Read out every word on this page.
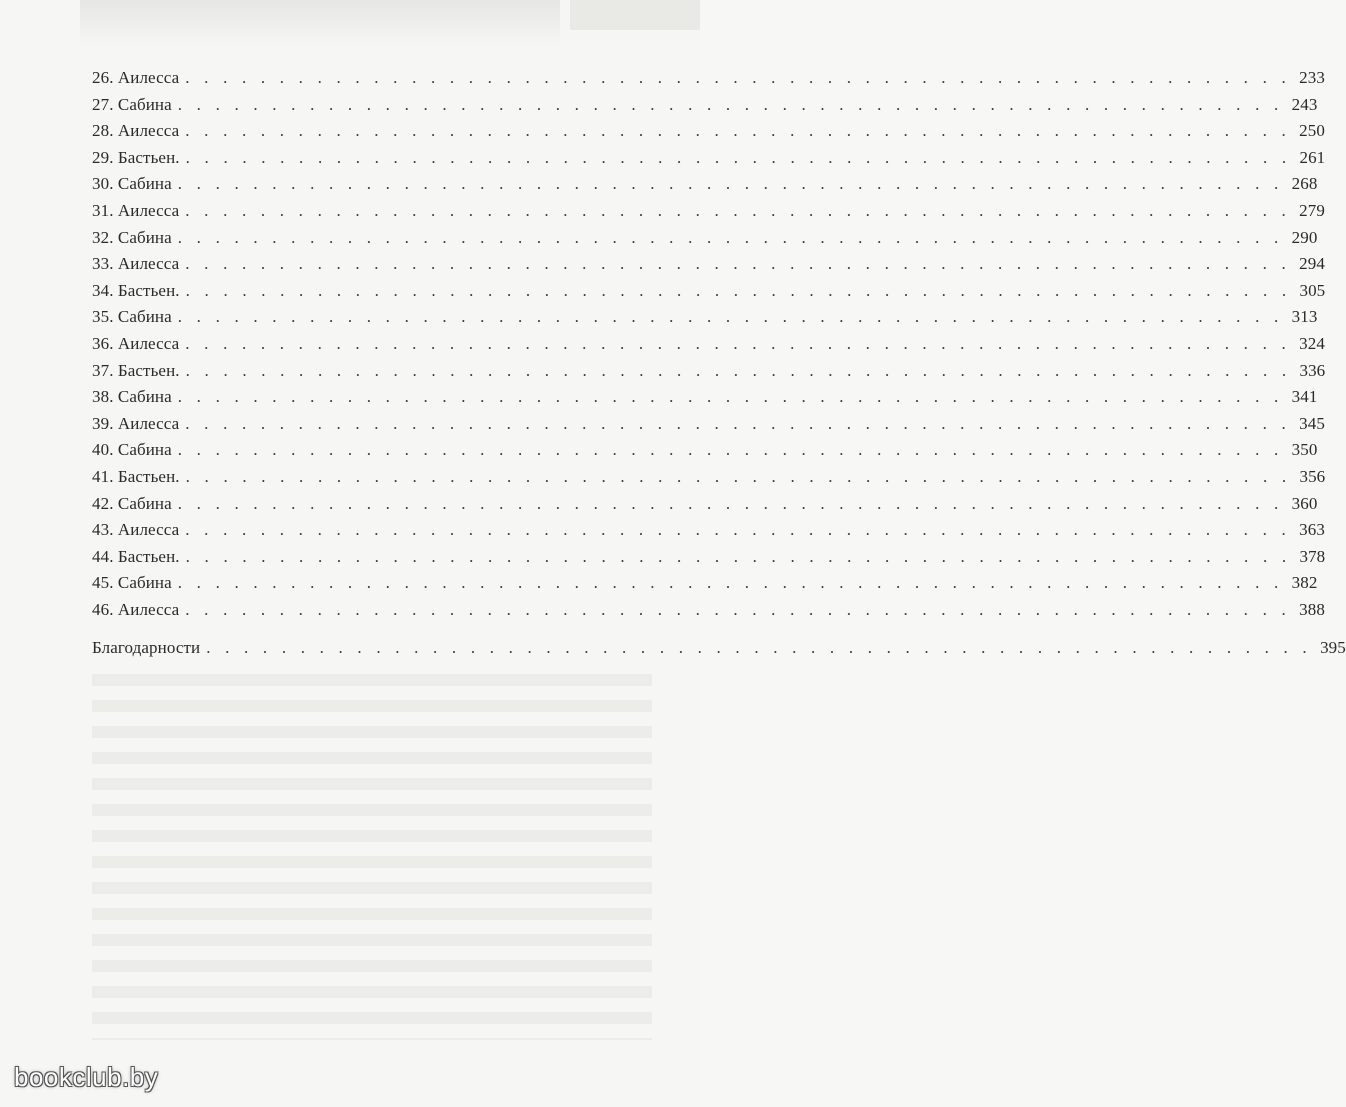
26. Аилесса . . . . . . . . . . . . . . . . . . . . . . . . . . . . . . . . . . . . . . . . . . . . . . . . . . . . . . . . . . . 233
27. Сабина . . . . . . . . . . . . . . . . . . . . . . . . . . . . . . . . . . . . . . . . . . . . . . . . . . . . . . . . . . . 243
28. Аилесса . . . . . . . . . . . . . . . . . . . . . . . . . . . . . . . . . . . . . . . . . . . . . . . . . . . . . . . . . . . 250
29. Бастьен. . . . . . . . . . . . . . . . . . . . . . . . . . . . . . . . . . . . . . . . . . . . . . . . . . . . . . . . . . . . 261
30. Сабина . . . . . . . . . . . . . . . . . . . . . . . . . . . . . . . . . . . . . . . . . . . . . . . . . . . . . . . . . . . 268
31. Аилесса . . . . . . . . . . . . . . . . . . . . . . . . . . . . . . . . . . . . . . . . . . . . . . . . . . . . . . . . . . . 279
32. Сабина . . . . . . . . . . . . . . . . . . . . . . . . . . . . . . . . . . . . . . . . . . . . . . . . . . . . . . . . . . . 290
33. Аилесса . . . . . . . . . . . . . . . . . . . . . . . . . . . . . . . . . . . . . . . . . . . . . . . . . . . . . . . . . . . 294
34. Бастьен. . . . . . . . . . . . . . . . . . . . . . . . . . . . . . . . . . . . . . . . . . . . . . . . . . . . . . . . . . . . 305
35. Сабина . . . . . . . . . . . . . . . . . . . . . . . . . . . . . . . . . . . . . . . . . . . . . . . . . . . . . . . . . . . 313
36. Аилесса . . . . . . . . . . . . . . . . . . . . . . . . . . . . . . . . . . . . . . . . . . . . . . . . . . . . . . . . . . . 324
37. Бастьен. . . . . . . . . . . . . . . . . . . . . . . . . . . . . . . . . . . . . . . . . . . . . . . . . . . . . . . . . . . . 336
38. Сабина . . . . . . . . . . . . . . . . . . . . . . . . . . . . . . . . . . . . . . . . . . . . . . . . . . . . . . . . . . . 341
39. Аилесса . . . . . . . . . . . . . . . . . . . . . . . . . . . . . . . . . . . . . . . . . . . . . . . . . . . . . . . . . . . 345
40. Сабина . . . . . . . . . . . . . . . . . . . . . . . . . . . . . . . . . . . . . . . . . . . . . . . . . . . . . . . . . . . 350
41. Бастьен. . . . . . . . . . . . . . . . . . . . . . . . . . . . . . . . . . . . . . . . . . . . . . . . . . . . . . . . . . . . 356
42. Сабина . . . . . . . . . . . . . . . . . . . . . . . . . . . . . . . . . . . . . . . . . . . . . . . . . . . . . . . . . . . 360
43. Аилесса . . . . . . . . . . . . . . . . . . . . . . . . . . . . . . . . . . . . . . . . . . . . . . . . . . . . . . . . . . . 363
44. Бастьен. . . . . . . . . . . . . . . . . . . . . . . . . . . . . . . . . . . . . . . . . . . . . . . . . . . . . . . . . . . . 378
45. Сабина . . . . . . . . . . . . . . . . . . . . . . . . . . . . . . . . . . . . . . . . . . . . . . . . . . . . . . . . . . . 382
46. Аилесса . . . . . . . . . . . . . . . . . . . . . . . . . . . . . . . . . . . . . . . . . . . . . . . . . . . . . . . . . . . 388
Благодарности . . . . . . . . . . . . . . . . . . . . . . . . . . . . . . . . . . . . . . . . . . . . . . . . . . . . . . . . . . . 395
bookclub.by
